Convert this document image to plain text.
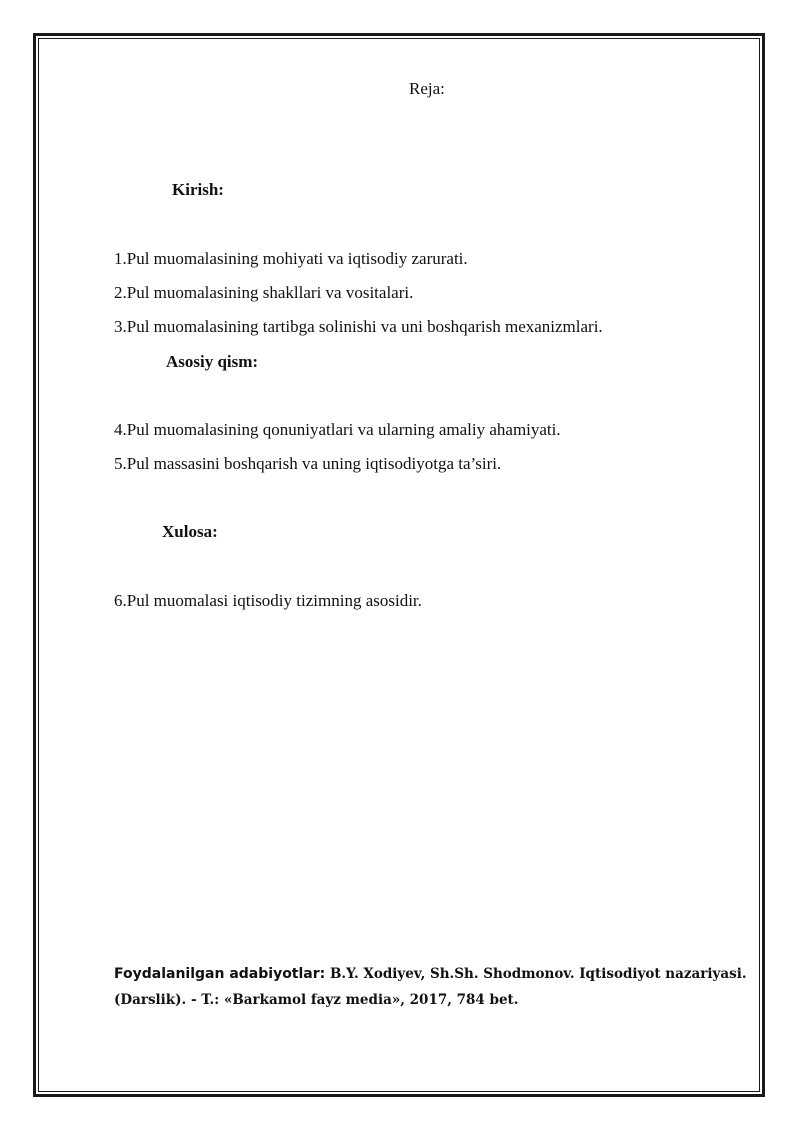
Reja:
Kirish:
1.Pul muomalasining mohiyati va iqtisodiy zarurati.
2.Pul muomalasining shakllari va vositalari.
3.Pul muomalasining tartibga solinishi va uni boshqarish mexanizmlari.
Asosiy qism:
4.Pul muomalasining qonuniyatlari va ularning amaliy ahamiyati.
5.Pul massasini boshqarish va uning iqtisodiyotga ta’siri.
Xulosa:
6.Pul muomalasi iqtisodiy tizimning asosidir.
Foydalanilgan adabiyotlar: B.Y. Xodiyev, Sh.Sh. Shodmonov. Iqtisodiyot nazariyasi. (Darslik). - T.: «Barkamol fayz media», 2017, 784 bet.
